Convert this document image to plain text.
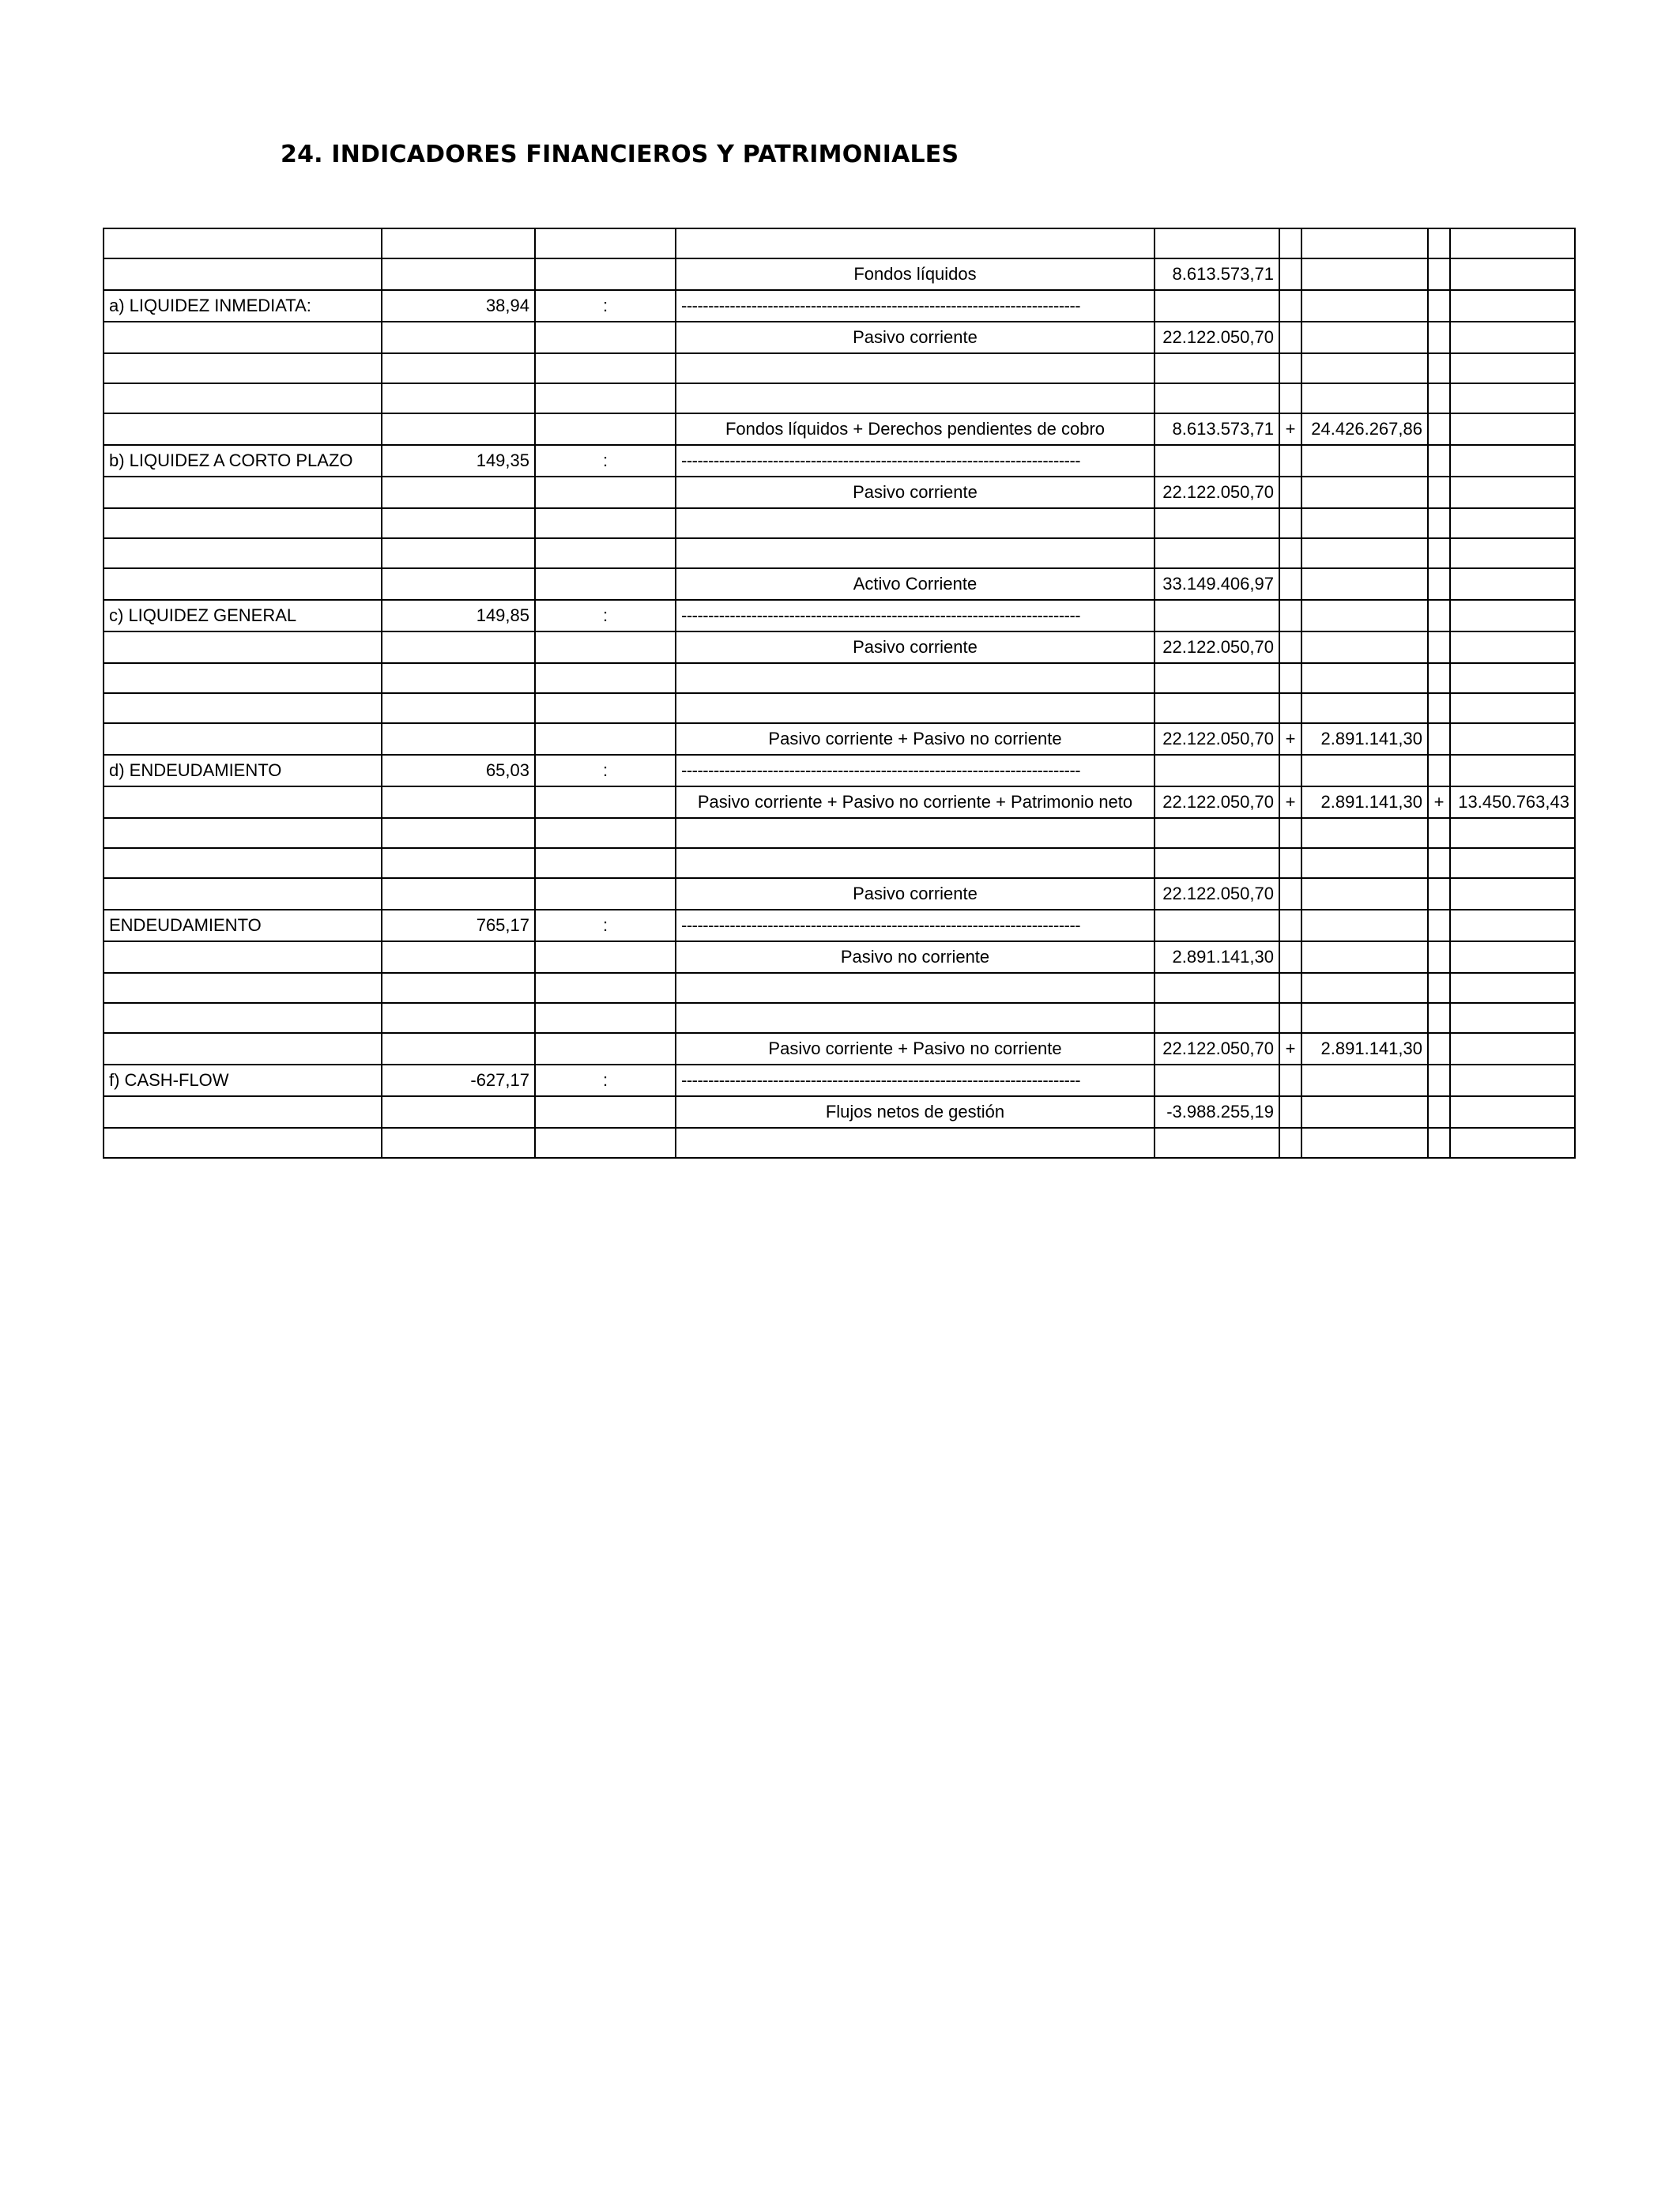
24. INDICADORES FINANCIEROS Y PATRIMONIALES

			Fondos líquidos	8.613.573,71				
a) LIQUIDEZ INMEDIATA:	38,94	:	--------------------------------------------------------------------------					
			Pasivo corriente	22.122.050,70				

			Fondos líquidos + Derechos pendientes de cobro	8.613.573,71	+	24.426.267,86		
b) LIQUIDEZ A CORTO PLAZO	149,35	:	--------------------------------------------------------------------------					
			Pasivo corriente	22.122.050,70				

			Activo Corriente	33.149.406,97				
c) LIQUIDEZ GENERAL	149,85	:	--------------------------------------------------------------------------					
			Pasivo corriente	22.122.050,70				

			Pasivo corriente + Pasivo no corriente	22.122.050,70	+	2.891.141,30		
d) ENDEUDAMIENTO	65,03	:	--------------------------------------------------------------------------					
			Pasivo corriente + Pasivo no corriente + Patrimonio neto	22.122.050,70	+	2.891.141,30	+	13.450.763,43

			Pasivo corriente	22.122.050,70				
ENDEUDAMIENTO	765,17	:	--------------------------------------------------------------------------					
			Pasivo no corriente	2.891.141,30				

			Pasivo corriente + Pasivo no corriente	22.122.050,70	+	2.891.141,30		
f) CASH-FLOW	-627,17	:	--------------------------------------------------------------------------					
			Flujos netos de gestión	-3.988.255,19				
